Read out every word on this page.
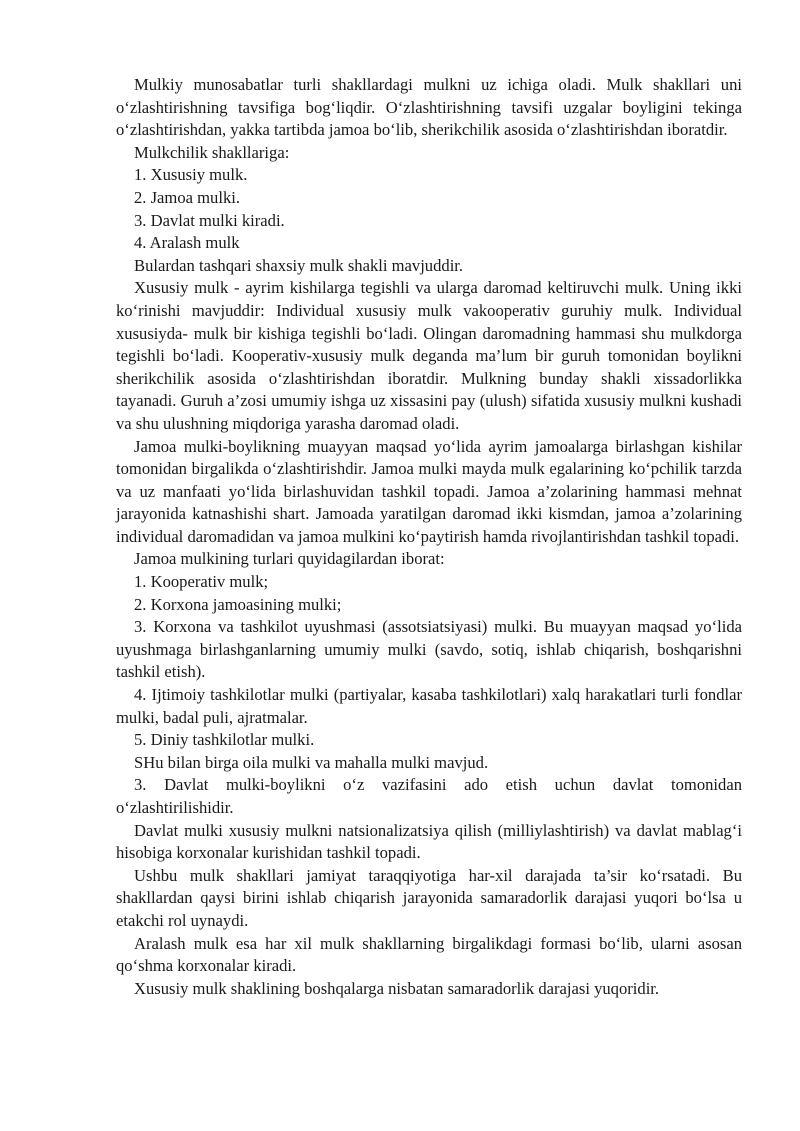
Mulkiy munosabatlar turli shakllardagi mulkni uz ichiga oladi. Mulk shakllari uni o‘zlashtirishning tavsifiga bog‘liqdir. O‘zlashtirishning tavsifi uzgalar boyligini tekinga o‘zlashtirishdan, yakka tartibda jamoa bo‘lib, sherikchilik asosida o‘zlashtirishdan iboratdir.

Mulkchilik shakllariga:

1. Xususiy mulk.

2. Jamoa mulki.

3. Davlat mulki kiradi.

4. Aralash mulk

Bulardan tashqari shaxsiy mulk shakli mavjuddir.

Xususiy mulk - ayrim kishilarga tegishli va ularga daromad keltiruvchi mulk. Uning ikki ko‘rinishi mavjuddir: Individual xususiy mulk vakooperativ guruhiy mulk. Individual xususiyda- mulk bir kishiga tegishli bo‘ladi. Olingan daromadning hammasi shu mulkdorga tegishli bo‘ladi. Kooperativ-xususiy mulk deganda ma’lum bir guruh tomonidan boylikni sherikchilik asosida o‘zlashtirishdan iboratdir. Mulkning bunday shakli xissadorlikka tayanadi. Guruh a’zosi umumiy ishga uz xissasini pay (ulush) sifatida xususiy mulkni kushadi va shu ulushning miqdoriga yarasha daromad oladi.

Jamoa mulki-boylikning muayyan maqsad yo‘lida ayrim jamoalarga birlashgan kishilar tomonidan birgalikda o‘zlashtirishdir. Jamoa mulki mayda mulk egalarining ko‘pchilik tarzda va uz manfaati yo‘lida birlashuvidan tashkil topadi. Jamoa a’zolarining hammasi mehnat jarayonida katnashishi shart. Jamoada yaratilgan daromad ikki kismdan, jamoa a’zolarining individual daromadidan va jamoa mulkini ko‘paytirish hamda rivojlantirishdan tashkil topadi.

Jamoa mulkining turlari quyidagilardan iborat:

1. Kooperativ mulk;

2. Korxona jamoasining mulki;

3. Korxona va tashkilot uyushmasi (assotsiatsiyasi) mulki. Bu muayyan maqsad yo‘lida uyushmaga birlashganlarning umumiy mulki (savdo, sotiq, ishlab chiqarish, boshqarishni tashkil etish).

4. Ijtimoiy tashkilotlar mulki (partiyalar, kasaba tashkilotlari) xalq harakatlari turli fondlar mulki, badal puli, ajratmalar.

5. Diniy tashkilotlar mulki.

SHu bilan birga oila mulki va mahalla mulki mavjud.

3. Davlat mulki-boylikni o‘z vazifasini ado etish uchun davlat tomonidan o‘zlashtirilishidir.

Davlat mulki xususiy mulkni natsionalizatsiya qilish (milliylashtirish) va davlat mablag‘i hisobiga korxonalar kurishidan tashkil topadi.

Ushbu mulk shakllari jamiyat taraqqiyotiga har-xil darajada ta’sir ko‘rsatadi. Bu shakllardan qaysi birini ishlab chiqarish jarayonida samaradorlik darajasi yuqori bo‘lsa u etakchi rol uynaydi.

Aralash mulk esa har xil mulk shakllarning birgalikdagi formasi bo‘lib, ularni asosan qo‘shma korxonalar kiradi.

Xususiy mulk shaklining boshqalarga nisbatan samaradorlik darajasi yuqoridir.
